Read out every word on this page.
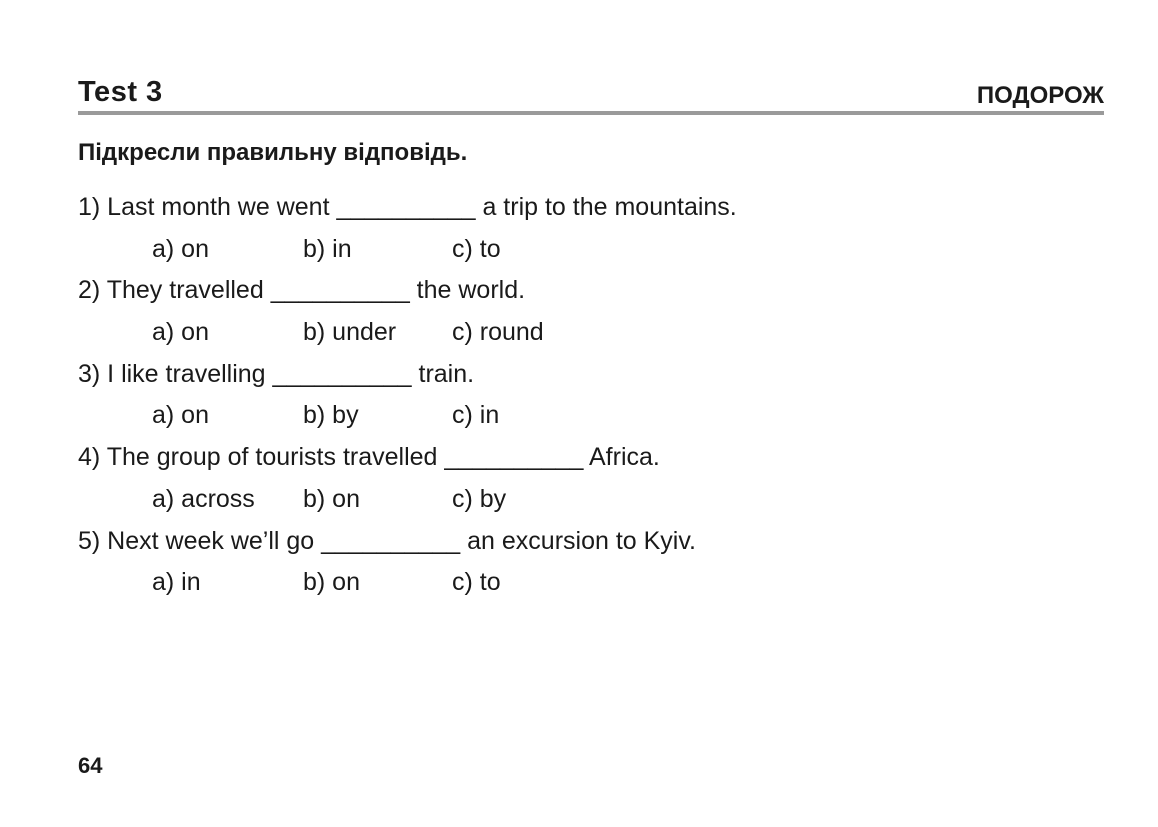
Test 3	ПОДОРОЖ
Підкресли правильну відповідь.
1) Last month we went __________ a trip to the mountains.
a) on	b) in	c) to
2) They travelled __________ the world.
a) on	b) under c) round
3) I like travelling __________ train.
a) on	b) by	c) in
4) The group of tourists travelled __________ Africa.
a) across b) on	c) by
5) Next week we’ll go __________ an excursion to Kyiv.
a) in	b) on	c) to
64
